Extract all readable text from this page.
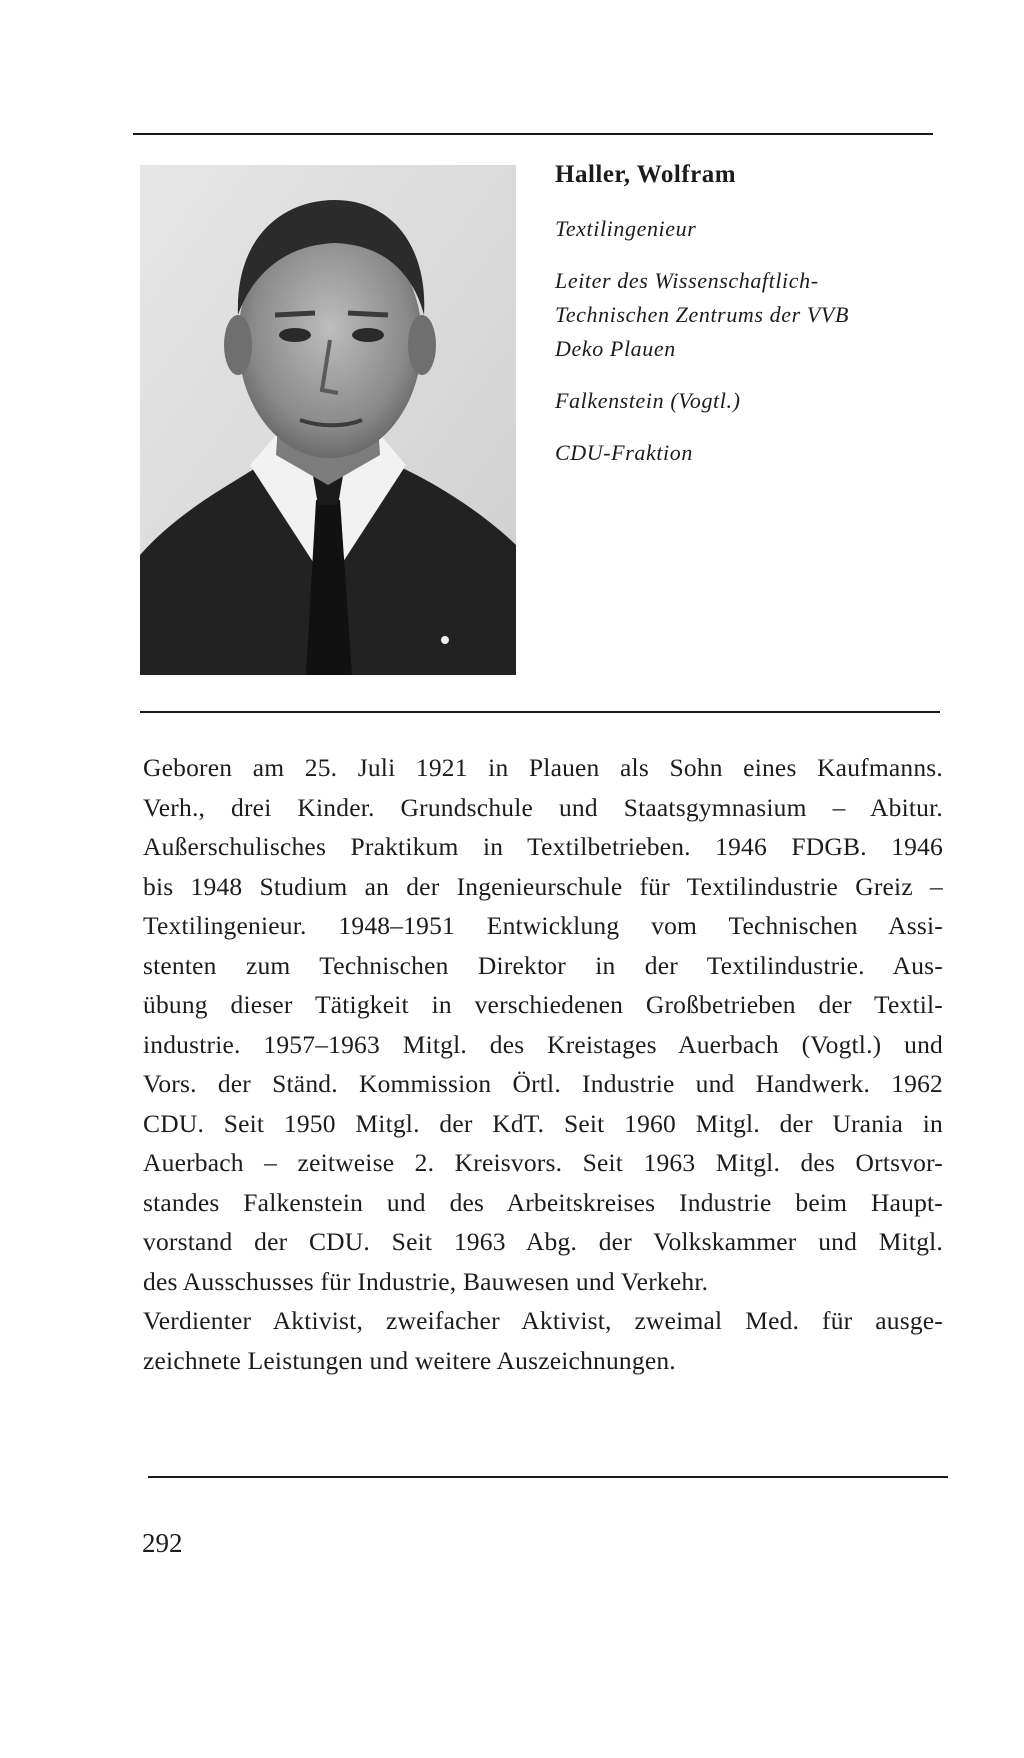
Haller, Wolfram
Textilingenieur
Leiter des Wissenschaftlich-
Technischen Zentrums der VVB
Deko Plauen
Falkenstein (Vogtl.)
CDU-Fraktion
Geboren am 25. Juli 1921 in Plauen als Sohn eines Kaufmanns.
Verh., drei Kinder. Grundschule und Staatsgymnasium – Abitur.
Außerschulisches Praktikum in Textilbetrieben. 1946 FDGB. 1946
bis 1948 Studium an der Ingenieurschule für Textilindustrie Greiz –
Textilingenieur. 1948–1951 Entwicklung vom Technischen Assi-
stenten zum Technischen Direktor in der Textilindustrie. Aus-
übung dieser Tätigkeit in verschiedenen Großbetrieben der Textil-
industrie. 1957–1963 Mitgl. des Kreistages Auerbach (Vogtl.) und
Vors. der Ständ. Kommission Örtl. Industrie und Handwerk. 1962
CDU. Seit 1950 Mitgl. der KdT. Seit 1960 Mitgl. der Urania in
Auerbach – zeitweise 2. Kreisvors. Seit 1963 Mitgl. des Ortsvor-
standes Falkenstein und des Arbeitskreises Industrie beim Haupt-
vorstand der CDU. Seit 1963 Abg. der Volkskammer und Mitgl.
des Ausschusses für Industrie, Bauwesen und Verkehr.
Verdienter Aktivist, zweifacher Aktivist, zweimal Med. für ausge-
zeichnete Leistungen und weitere Auszeichnungen.
292
